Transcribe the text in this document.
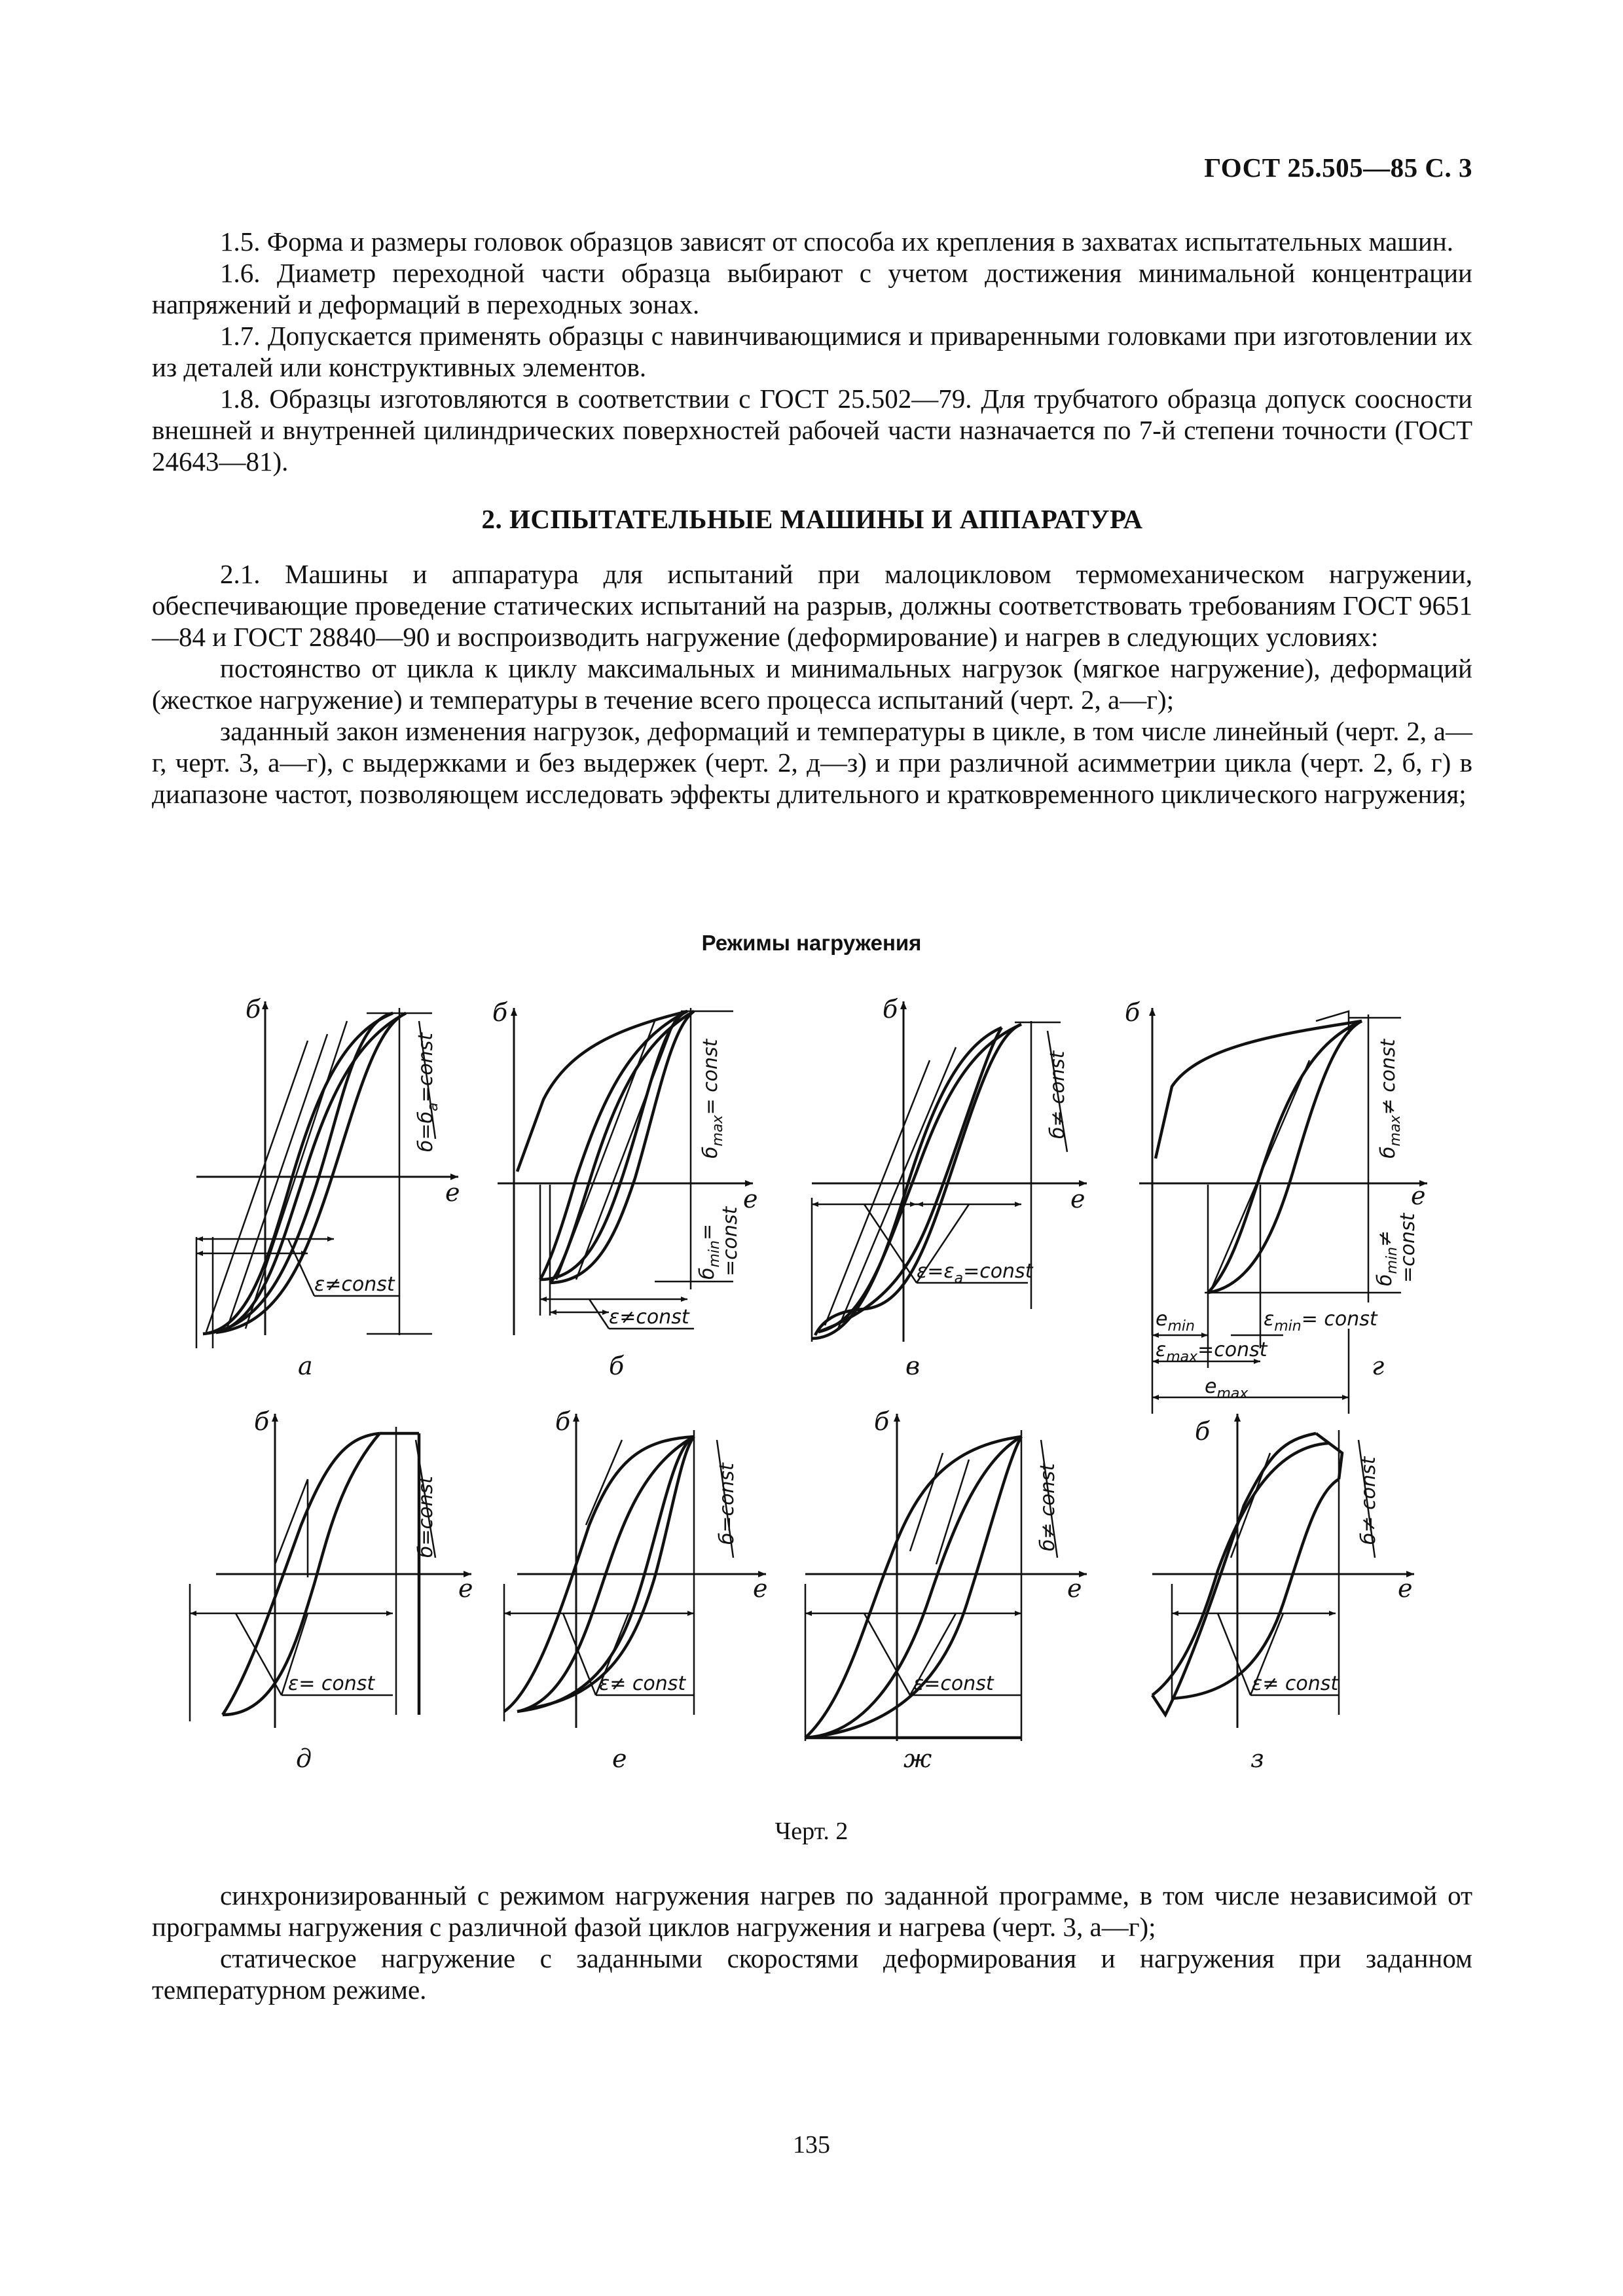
ГОСТ 25.505—85 С. 3

1.5. Форма и размеры головок образцов зависят от способа их крепления в захватах испытательных машин.

1.6. Диаметр переходной части образца выбирают с учетом достижения минимальной концентрации напряжений и деформаций в переходных зонах.

1.7. Допускается применять образцы с навинчивающимися и приваренными головками при изготовлении их из деталей или конструктивных элементов.

1.8. Образцы изготовляются в соответствии с ГОСТ 25.502—79. Для трубчатого образца допуск соосности внешней и внутренней цилиндрических поверхностей рабочей части назначается по 7-й степени точности (ГОСТ 24643—81).

2. ИСПЫТАТЕЛЬНЫЕ МАШИНЫ И АППАРАТУРА

2.1. Машины и аппаратура для испытаний при малоцикловом термомеханическом нагружении, обеспечивающие проведение статических испытаний на разрыв, должны соответствовать требованиям ГОСТ 9651—84 и ГОСТ 28840—90 и воспроизводить нагружение (деформирование) и нагрев в следующих условиях:

постоянство от цикла к циклу максимальных и минимальных нагрузок (мягкое нагружение), деформаций (жесткое нагружение) и температуры в течение всего процесса испытаний (черт. 2, а—г);

заданный закон изменения нагрузок, деформаций и температуры в цикле, в том числе линейный (черт. 2, а—г, черт. 3, а—г), с выдержками и без выдержек (черт. 2, д—з) и при различной асимметрии цикла (черт. 2, б, г) в диапазоне частот, позволяющем исследовать эффекты длительного и кратковременного циклического нагружения;

Режимы нагружения
б
е
ε≠const
$б=б_а=const$
б
е
ε≠const
$б_{max}=$ const
$б_{min}=$ =const
б
е
$\varepsilon=\varepsilon_a=const$
б≠ const
б
е
$e_{min}$	$\varepsilon_{min}=$ const
$\varepsilon_{max}=const$
$e_{max}$
$б_{max}\ne$ const
$б_{min}\ne$ =const
б
е
ε= const
б=const
б
е
ε≠ const
б=const
б
е
ε=const
б≠ const
б
е
ε≠ const
б≠ const
а	б	в	г
д	е	ж	з
Черт. 2

синхронизированный с режимом нагружения нагрев по заданной программе, в том числе независимой от программы нагружения с различной фазой циклов нагружения и нагрева (черт. 3, а—г);

статическое нагружение с заданными скоростями деформирования и нагружения при заданном температурном режиме.

135
